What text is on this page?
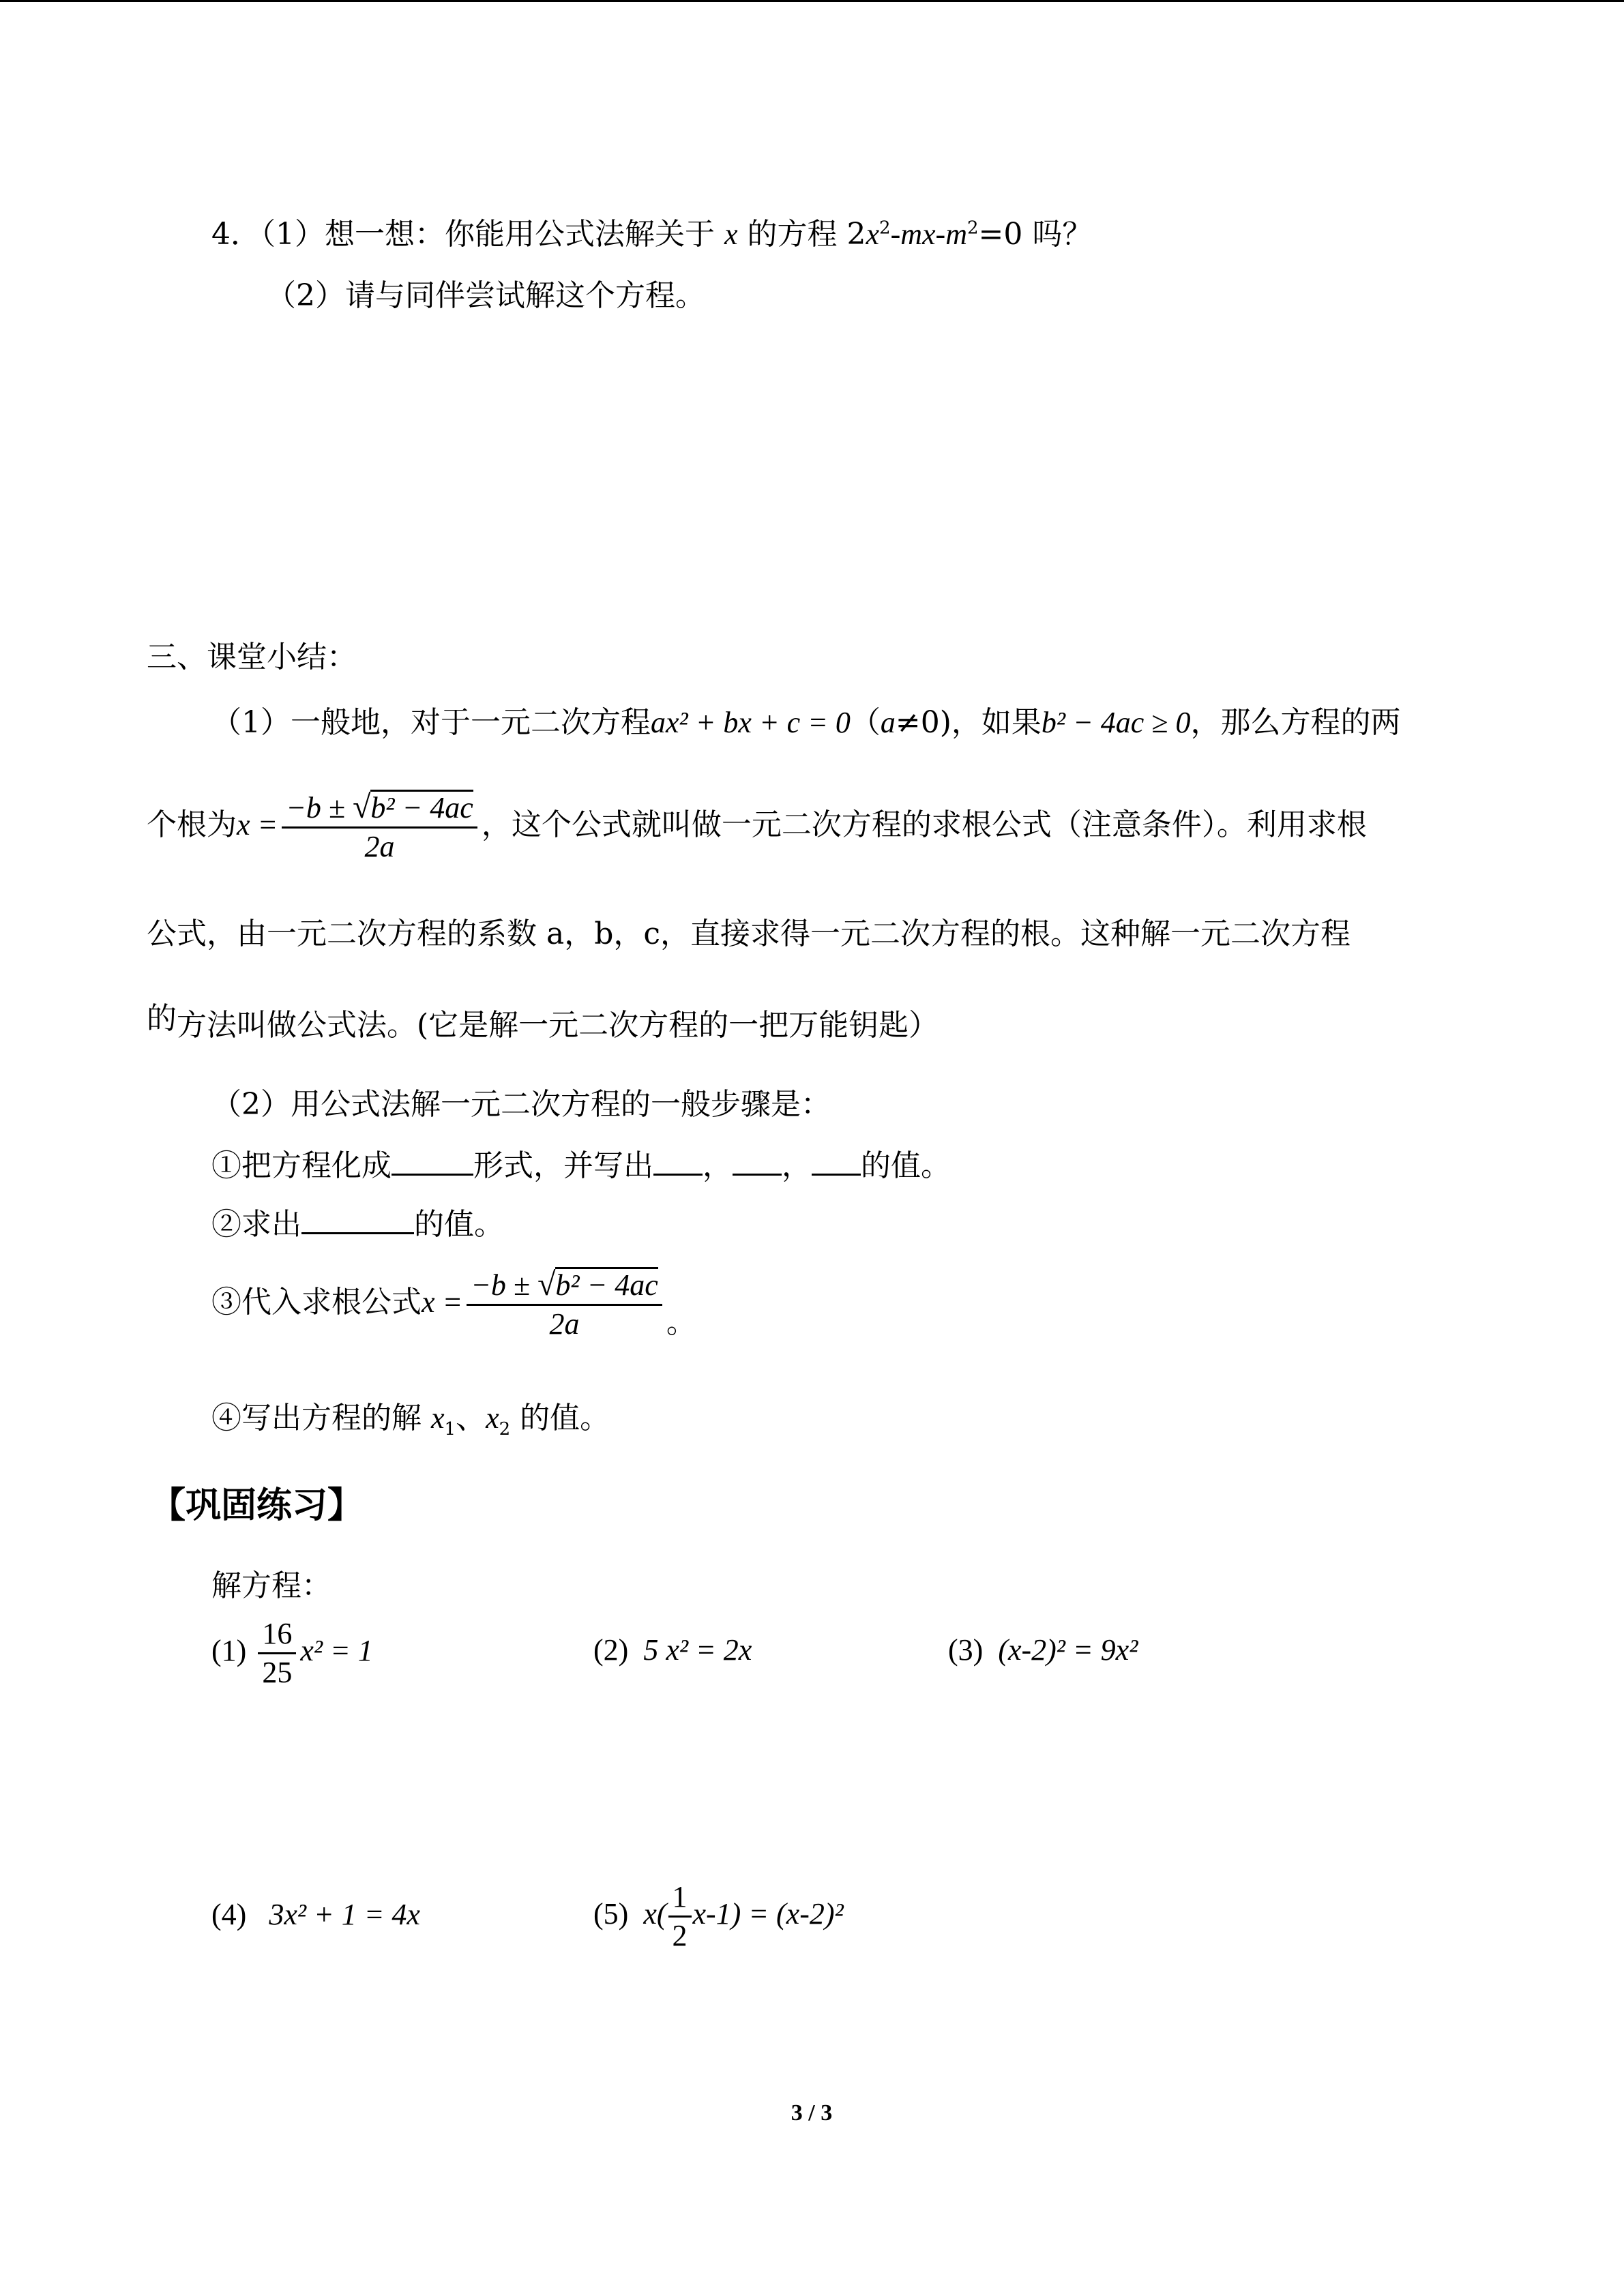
4．（1）想一想：你能用公式法解关于 x 的方程 $2x^2-mx-m^2=0$ 吗？
（2）请与同伴尝试解这个方程。
三、课堂小结：
（1）一般地，对于一元二次方程ax² + bx + c = 0（a≠0)，如果b² − 4ac ≥ 0，那么方程的两
个根为$x = \frac{\text{−b ± √b² − 4ac}}{2a}$ ，这个公式就叫做一元二次方程的求根公式（注意条件）。利用求根
公式，由一元二次方程的系数 a，b，c，直接求得一元二次方程的根。这种解一元二次方程
的方法叫做公式法。(它是解一元二次方程的一把万能钥匙）
（2）用公式法解一元二次方程的一般步骤是：
①把方程化成	形式，并写出 ， ， 的值。
②求出	的值。
③代入求根公式$x = \frac{\text{−b ± √b² − 4ac}}{2a}$ 。
④写出方程的解 $x_1$、$x_2$ 的值。
【巩固练习】
解方程：
$(1) \frac{16}{25} x^2 = 1$	(2) 5 x² = 2x	(3) (x-2)² = 9x²
(4) 3x² + 1 = 4x	(5) $x( \frac{1}{2} x-1) = (x-2)^2$
3 / 3
